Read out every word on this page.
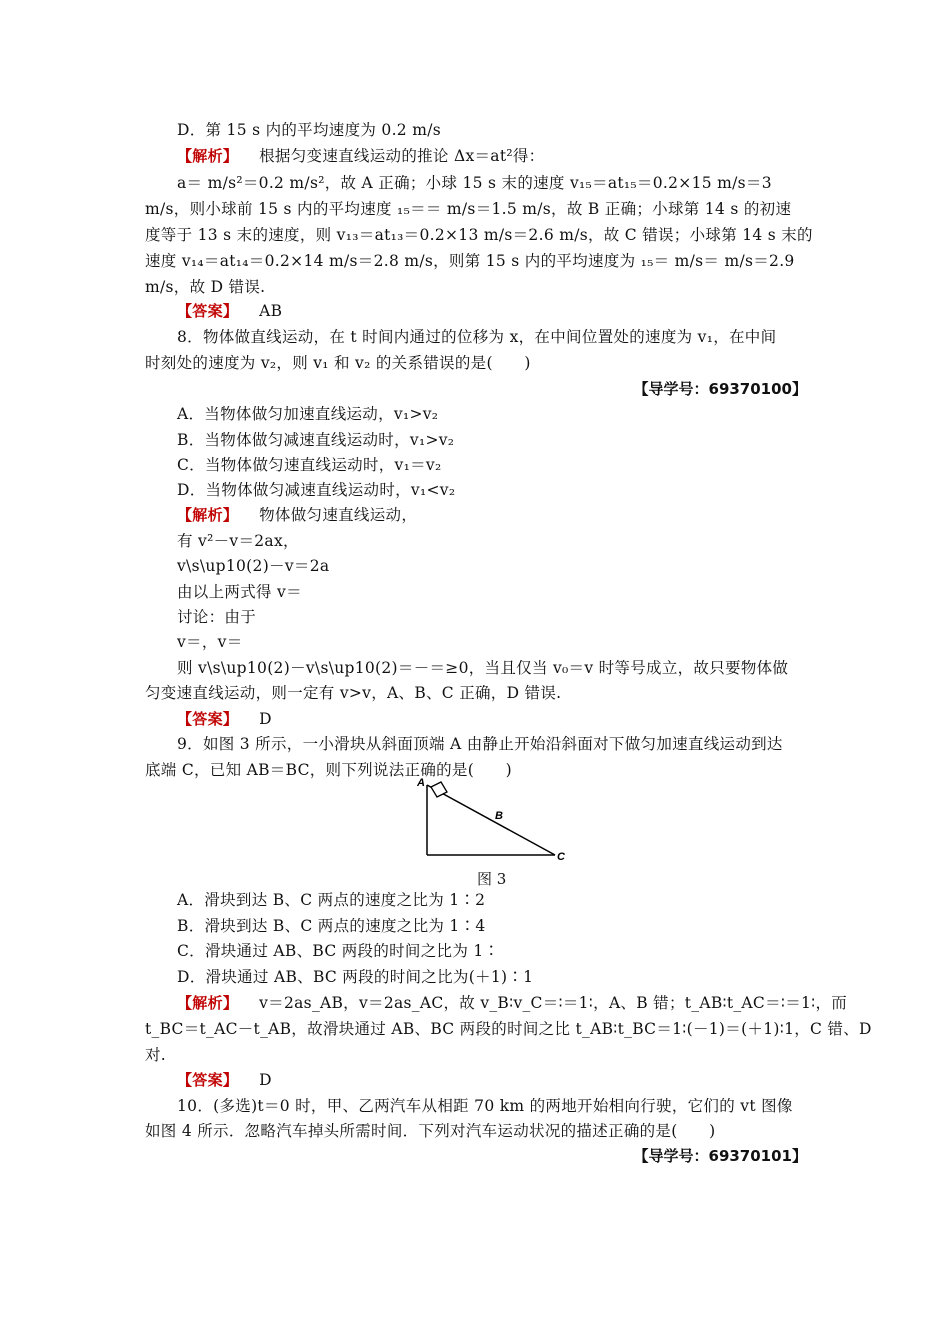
D．第 15 s 内的平均速度为 0.2 m/s
【解析】 根据匀变速直线运动的推论 Δx＝at²得：
a＝ m/s²＝0.2 m/s²，故 A 正确；小球 15 s 末的速度 v₁₅＝at₁₅＝0.2×15 m/s＝3
m/s，则小球前 15 s 内的平均速度 ₁₅＝＝ m/s＝1.5 m/s，故 B 正确；小球第 14 s 的初速
度等于 13 s 末的速度，则 v₁₃＝at₁₃＝0.2×13 m/s＝2.6 m/s，故 C 错误；小球第 14 s 末的
速度 v₁₄＝at₁₄＝0.2×14 m/s＝2.8 m/s，则第 15 s 内的平均速度为 ₁₅＝ m/s＝ m/s＝2.9
m/s，故 D 错误.
【答案】 AB
8．物体做直线运动，在 t 时间内通过的位移为 x，在中间位置处的速度为 v₁，在中间
时刻处的速度为 v₂，则 v₁ 和 v₂ 的关系错误的是(　　)
【导学号：69370100】
A．当物体做匀加速直线运动，v₁>v₂
B．当物体做匀减速直线运动时，v₁>v₂
C．当物体做匀速直线运动时，v₁＝v₂
D．当物体做匀减速直线运动时，v₁<v₂
【解析】 物体做匀速直线运动，
有 v²－v＝2ax，
v\s\up10(2)－v＝2a
由以上两式得 v＝
讨论：由于
v＝，v＝
则 v\s\up10(2)－v\s\up10(2)＝－＝≥0，当且仅当 v₀＝v 时等号成立，故只要物体做
匀变速直线运动，则一定有 v>v，A、B、C 正确，D 错误.
【答案】 D
9．如图 3 所示，一小滑块从斜面顶端 A 由静止开始沿斜面对下做匀加速直线运动到达
底端 C，已知 AB＝BC，则下列说法正确的是(　　)
A
B
C
图 3
A．滑块到达 B、C 两点的速度之比为 1∶2
B．滑块到达 B、C 两点的速度之比为 1∶4
C．滑块通过 AB、BC 两段的时间之比为 1∶
D．滑块通过 AB、BC 两段的时间之比为(＋1)∶1
【解析】 v＝2as_AB，v＝2as_AC，故 v_B∶v_C＝∶＝1∶，A、B 错；t_AB∶t_AC＝∶＝1∶，而
t_BC＝t_AC－t_AB，故滑块通过 AB、BC 两段的时间之比 t_AB∶t_BC＝1∶(－1)＝(＋1)∶1，C 错、D
对.
【答案】 D
10．(多选)t＝0 时，甲、乙两汽车从相距 70 km 的两地开始相向行驶，它们的 vt 图像
如图 4 所示．忽略汽车掉头所需时间．下列对汽车运动状况的描述正确的是(　　)
【导学号：69370101】
